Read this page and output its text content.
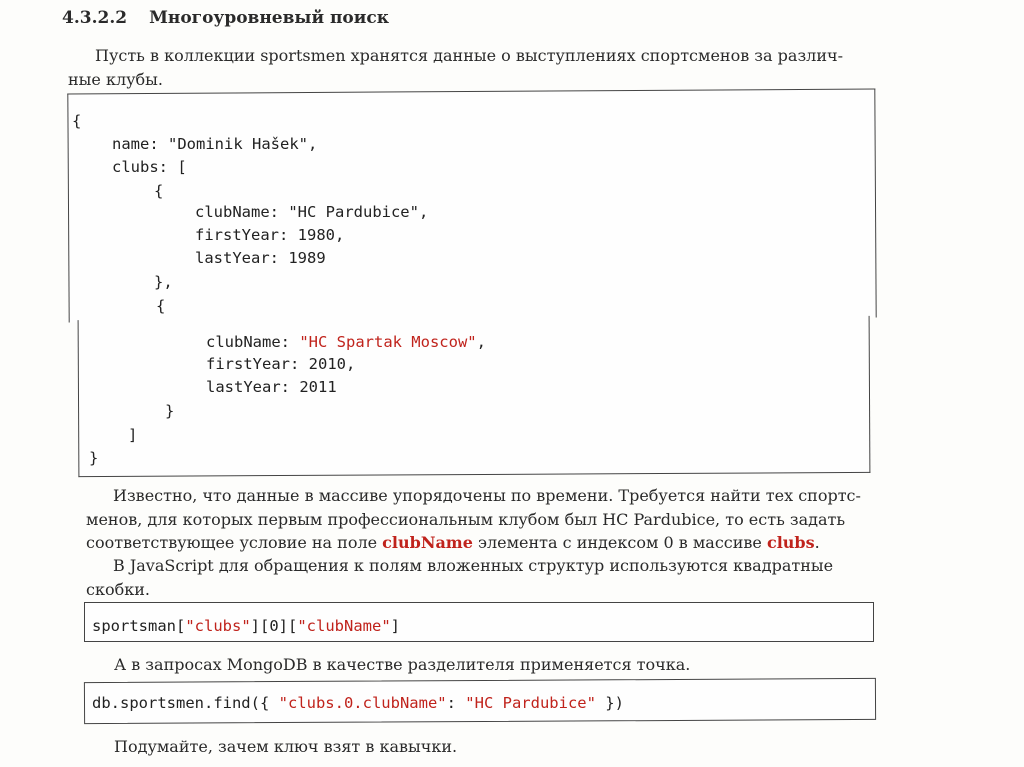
4.3.2.2 Многоуровневый поиск
Пусть в коллекции sportsmen хранятся данные о выступлениях спортсменов за различ-
ные клубы.
{
name: "Dominik Hašek",
clubs: [
{
clubName: "HC Pardubice",
firstYear: 1980,
lastYear: 1989
},
{
clubName: "HC Spartak Moscow",
firstYear: 2010,
lastYear: 2011
}
]
}
Известно, что данные в массиве упорядочены по времени. Требуется найти тех спортс-
менов, для которых первым профессиональным клубом был HC Pardubice, то есть задать
соответствующее условие на поле clubName элемента с индексом 0 в массиве clubs.
В JavaScript для обращения к полям вложенных структур используются квадратные
скобки.
sportsman["clubs"][0]["clubName"]
А в запросах MongoDB в качестве разделителя применяется точка.
db.sportsmen.find({ "clubs.0.clubName": "HC Pardubice" })
Подумайте, зачем ключ взят в кавычки.
